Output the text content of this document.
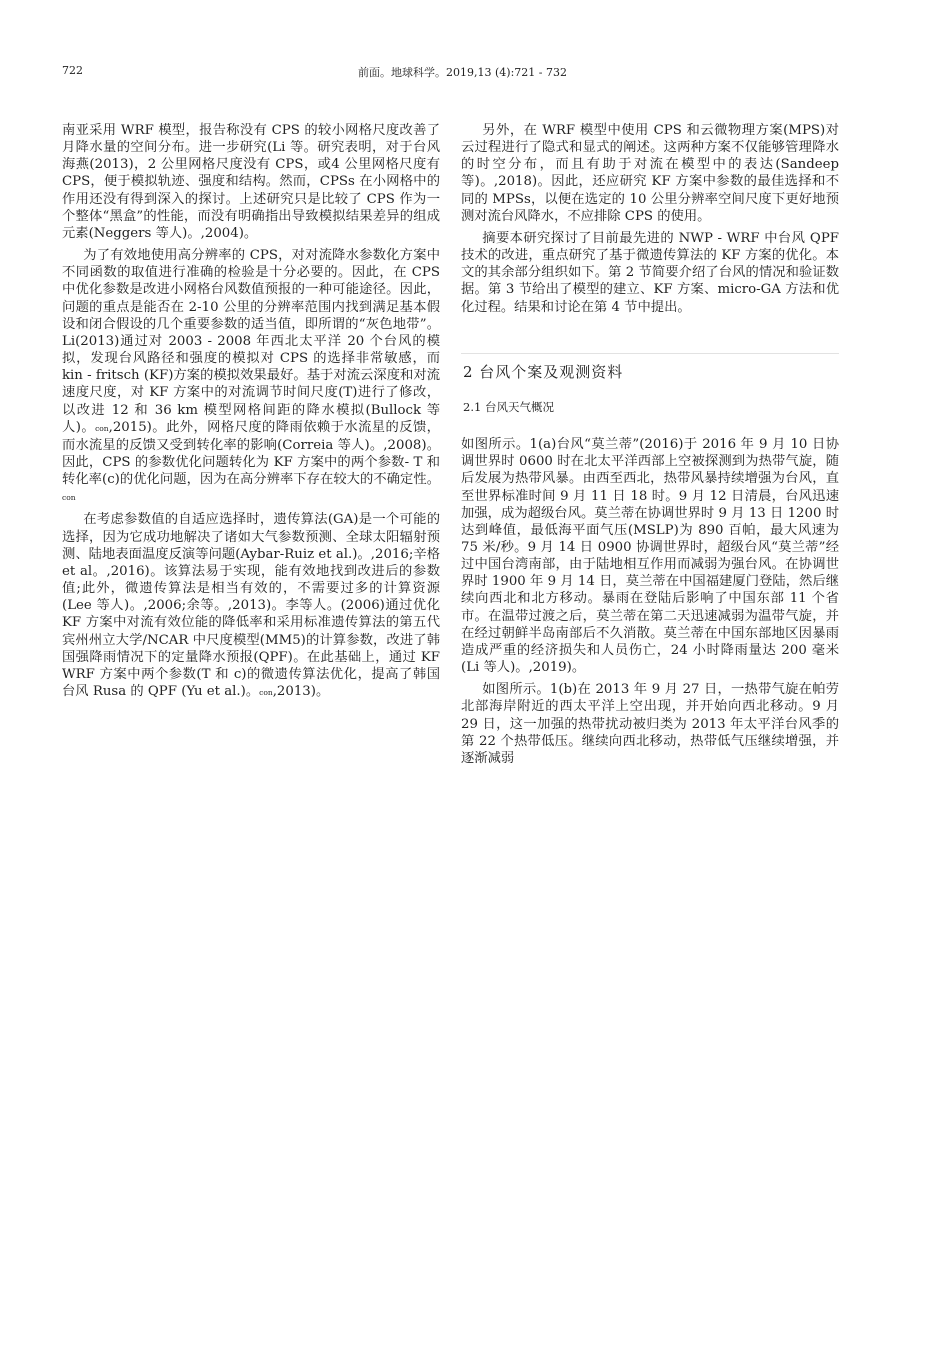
722	前面。地球科学。2019,13 (4):721 - 732

南亚采用 WRF 模型，报告称没有 CPS 的较小网格尺度改善了月降水量的空间分布。进一步研究(Li 等。研究表明，对于台风海燕(2013)，2 公里网格尺度没有 CPS，或4 公里网格尺度有 CPS，便于模拟轨迹、强度和结构。然而，CPSs 在小网格中的作用还没有得到深入的探讨。上述研究只是比较了 CPS 作为一个整体“黑盒”的性能，而没有明确指出导致模拟结果差异的组成元素(Neggers 等人)。,2004)。

为了有效地使用高分辨率的 CPS，对对流降水参数化方案中不同函数的取值进行准确的检验是十分必要的。因此，在 CPS 中优化参数是改进小网格台风数值预报的一种可能途径。因此，问题的重点是能否在 2-10 公里的分辨率范围内找到满足基本假设和闭合假设的几个重要参数的适当值，即所谓的“灰色地带”。Li(2013)通过对 2003 - 2008 年西北太平洋 20 个台风的模拟，发现台风路径和强度的模拟对 CPS 的选择非常敏感，而 kin - fritsch (KF)方案的模拟效果最好。基于对流云深度和对流速度尺度，对 KF 方案中的对流调节时间尺度(T)进行了修改，以改进 12 和 36 km 模型网格间距的降水模拟(Bullock 等人)。con,2015)。此外，网格尺度的降雨依赖于水流星的反馈，而水流星的反馈又受到转化率的影响(Correia 等人)。,2008)。因此，CPS 的参数优化问题转化为 KF 方案中的两个参数- T 和转化率(c)的优化问题，因为在高分辨率下存在较大的不确定性。con

在考虑参数值的自适应选择时，遗传算法(GA)是一个可能的选择，因为它成功地解决了诸如大气参数预测、全球太阳辐射预测、陆地表面温度反演等问题(Aybar-Ruiz et al.)。,2016;辛格 et al。,2016)。该算法易于实现，能有效地找到改进后的参数值;此外，微遗传算法是相当有效的，不需要过多的计算资源(Lee 等人)。,2006;余等。,2013)。李等人。(2006)通过优化 KF 方案中对流有效位能的降低率和采用标准遗传算法的第五代宾州州立大学/NCAR 中尺度模型(MM5)的计算参数，改进了韩国强降雨情况下的定量降水预报(QPF)。在此基础上，通过 KF WRF 方案中两个参数(T 和 c)的微遗传算法优化，提高了韩国台风 Rusa 的 QPF (Yu et al.)。con,2013)。

另外，在 WRF 模型中使用 CPS 和云微物理方案(MPS)对云过程进行了隐式和显式的阐述。这两种方案不仅能够管理降水的时空分布，而且有助于对流在模型中的表达(Sandeep 等)。,2018)。因此，还应研究 KF 方案中参数的最佳选择和不同的 MPSs，以便在选定的 10 公里分辨率空间尺度下更好地预测对流台风降水，不应排除 CPS 的使用。

摘要本研究探讨了目前最先进的 NWP - WRF 中台风 QPF 技术的改进，重点研究了基于微遗传算法的 KF 方案的优化。本文的其余部分组织如下。第 2 节简要介绍了台风的情况和验证数据。第 3 节给出了模型的建立、KF 方案、micro-GA 方法和优化过程。结果和讨论在第 4 节中提出。

2 台风个案及观测资料
2.1 台风天气概况

如图所示。1(a)台风“莫兰蒂”(2016)于 2016 年 9 月 10 日协调世界时 0600 时在北太平洋西部上空被探测到为热带气旋，随后发展为热带风暴。由西至西北，热带风暴持续增强为台风，直至世界标准时间 9 月 11 日 18 时。9 月 12 日清晨，台风迅速加强，成为超级台风。莫兰蒂在协调世界时 9 月 13 日 1200 时达到峰值，最低海平面气压(MSLP)为 890 百帕，最大风速为 75 米/秒。9 月 14 日 0900 协调世界时，超级台风“莫兰蒂”经过中国台湾南部，由于陆地相互作用而减弱为强台风。在协调世界时 1900 年 9 月 14 日，莫兰蒂在中国福建厦门登陆，然后继续向西北和北方移动。暴雨在登陆后影响了中国东部 11 个省市。在温带过渡之后，莫兰蒂在第二天迅速减弱为温带气旋，并在经过朝鲜半岛南部后不久消散。莫兰蒂在中国东部地区因暴雨造成严重的经济损失和人员伤亡，24 小时降雨量达 200 毫米(Li 等人)。,2019)。

如图所示。1(b)在 2013 年 9 月 27 日，一热带气旋在帕劳北部海岸附近的西太平洋上空出现，并开始向西北移动。9 月 29 日，这一加强的热带扰动被归类为 2013 年太平洋台风季的第 22 个热带低压。继续向西北移动，热带低气压继续增强，并逐渐减弱
